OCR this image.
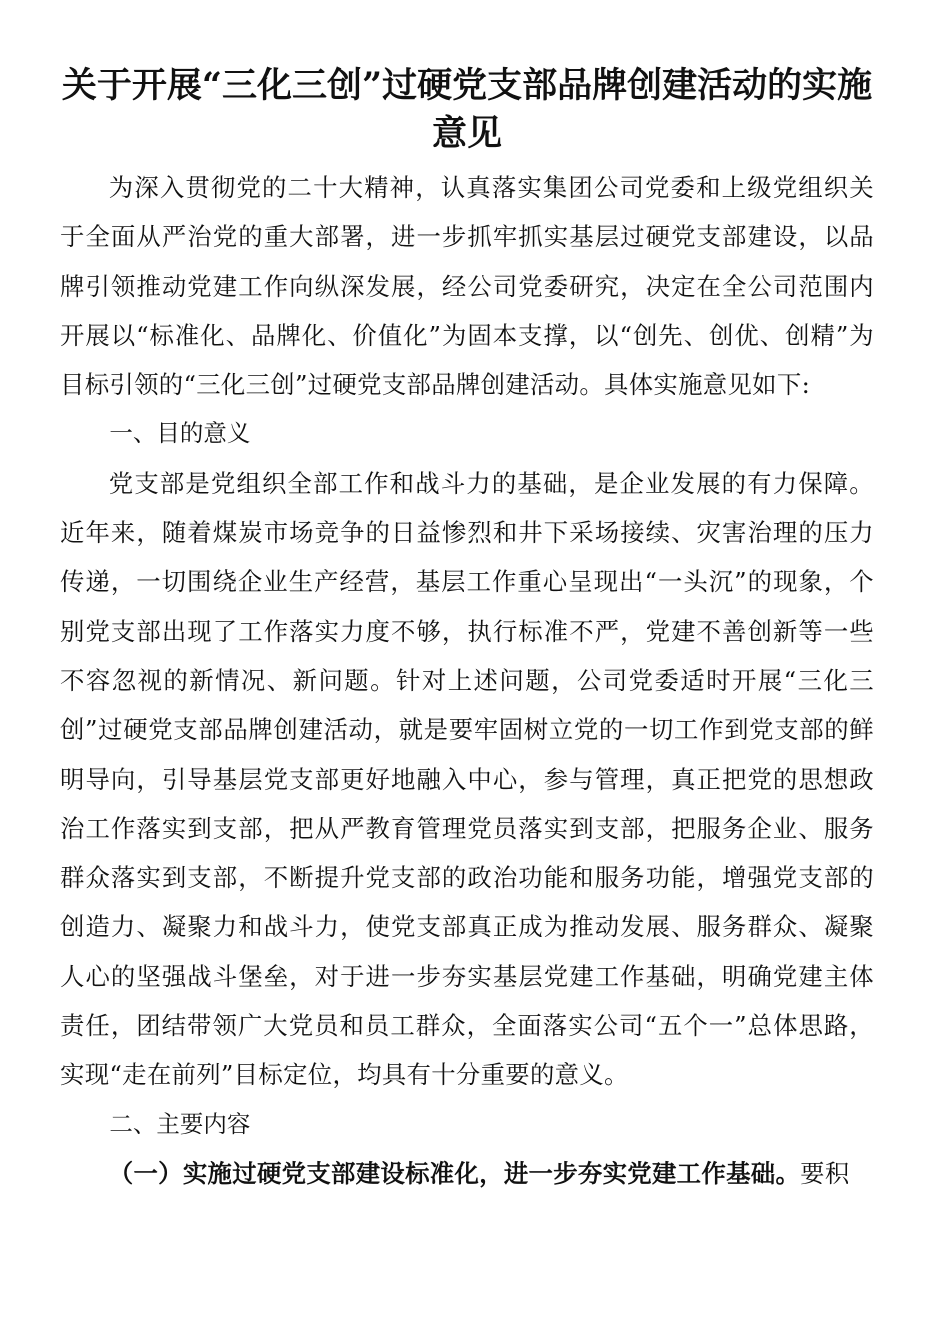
关于开展“三化三创”过硬党支部品牌创建活动的实施意见

为深入贯彻党的二十大精神，认真落实集团公司党委和上级党组织关于全面从严治党的重大部署，进一步抓牢抓实基层过硬党支部建设，以品牌引领推动党建工作向纵深发展，经公司党委研究，决定在全公司范围内开展以“标准化、品牌化、价值化”为固本支撑，以“创先、创优、创精”为目标引领的“三化三创”过硬党支部品牌创建活动。具体实施意见如下:

一、目的意义

党支部是党组织全部工作和战斗力的基础，是企业发展的有力保障。近年来，随着煤炭市场竞争的日益惨烈和井下采场接续、灾害治理的压力传递，一切围绕企业生产经营，基层工作重心呈现出“一头沉”的现象，个别党支部出现了工作落实力度不够，执行标准不严，党建不善创新等一些不容忽视的新情况、新问题。针对上述问题，公司党委适时开展“三化三创”过硬党支部品牌创建活动，就是要牢固树立党的一切工作到党支部的鲜明导向，引导基层党支部更好地融入中心，参与管理，真正把党的思想政治工作落实到支部，把从严教育管理党员落实到支部，把服务企业、服务群众落实到支部，不断提升党支部的政治功能和服务功能，增强党支部的创造力、凝聚力和战斗力，使党支部真正成为推动发展、服务群众、凝聚人心的坚强战斗堡垒，对于进一步夯实基层党建工作基础，明确党建主体责任，团结带领广大党员和员工群众，全面落实公司“五个一”总体思路，实现“走在前列”目标定位，均具有十分重要的意义。

二、主要内容

（一）实施过硬党支部建设标准化，进一步夯实党建工作基础。要积
